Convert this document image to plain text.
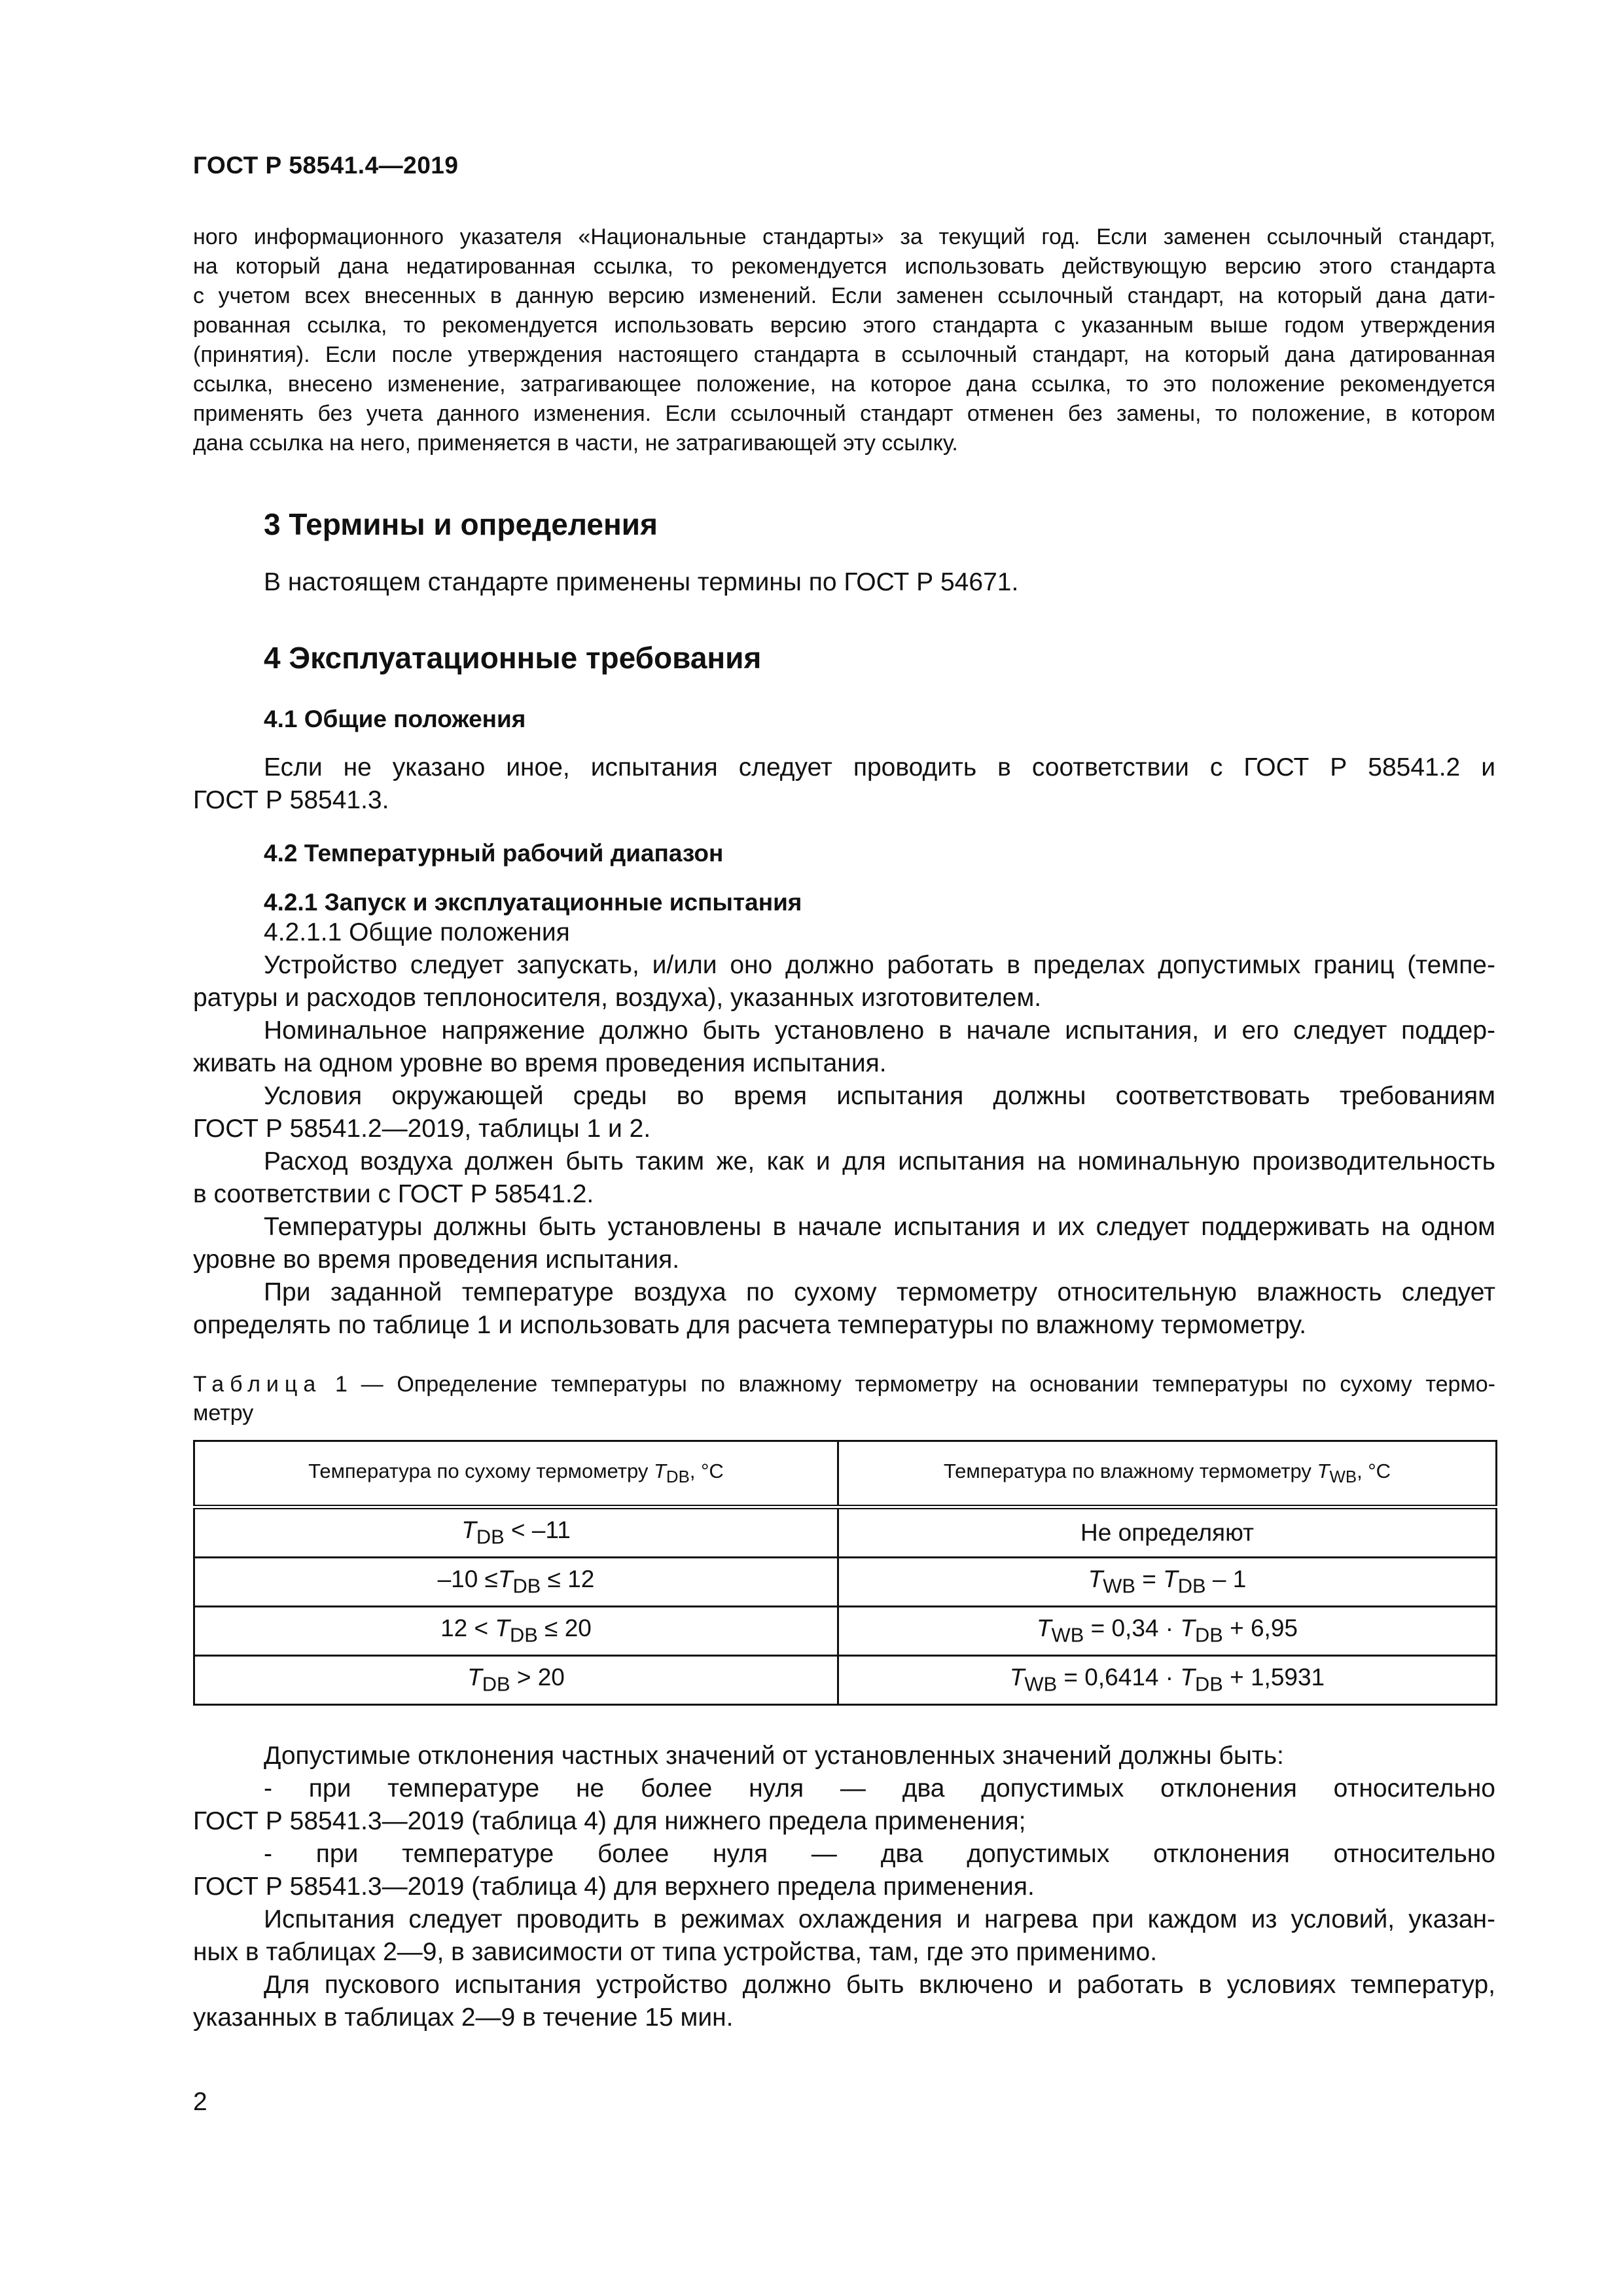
ГОСТ Р 58541.4—2019

ного информационного указателя «Национальные стандарты» за текущий год. Если заменен ссылочный стандарт,

на который дана недатированная ссылка, то рекомендуется использовать действующую версию этого стандарта

с учетом всех внесенных в данную версию изменений. Если заменен ссылочный стандарт, на который дана дати-

рованная ссылка, то рекомендуется использовать версию этого стандарта с указанным выше годом утверждения

(принятия). Если после утверждения настоящего стандарта в ссылочный стандарт, на который дана датированная

ссылка, внесено изменение, затрагивающее положение, на которое дана ссылка, то это положение рекомендуется

применять без учета данного изменения. Если ссылочный стандарт отменен без замены, то положение, в котором

дана ссылка на него, применяется в части, не затрагивающей эту ссылку.

3 Термины и определения

В настоящем стандарте применены термины по ГОСТ Р 54671.

4 Эксплуатационные требования
4.1 Общие положения

Если не указано иное, испытания следует проводить в соответствии с ГОСТ Р 58541.2 и

ГОСТ Р 58541.3.

4.2 Температурный рабочий диапазон
4.2.1 Запуск и эксплуатационные испытания

4.2.1.1 Общие положения

Устройство следует запускать, и/или оно должно работать в пределах допустимых границ (темпе-

ратуры и расходов теплоносителя, воздуха), указанных изготовителем.

Номинальное напряжение должно быть установлено в начале испытания, и его следует поддер-

живать на одном уровне во время проведения испытания.

Условия окружающей среды во время испытания должны соответствовать требованиям

ГОСТ Р 58541.2—2019, таблицы 1 и 2.

Расход воздуха должен быть таким же, как и для испытания на номинальную производительность

в соответствии с ГОСТ Р 58541.2.

Температуры должны быть установлены в начале испытания и их следует поддерживать на одном

уровне во время проведения испытания.

При заданной температуре воздуха по сухому термометру относительную влажность следует

определять по таблице 1 и использовать для расчета температуры по влажному термометру.

Таблица 1 — Определение температуры по влажному термометру на основании температуры по сухому термо-
метру
Температура по сухому термометру $T_{DB}$, °C	Температура по влажному термометру $T_{WB}$, °C
$T_{DB} < -11$	Не определяют
$-10 \le T_{DB} \le 12$	$T_{WB} = T_{DB} - 1$
$12 < T_{DB} \le 20$	$T_{WB} = 0,34 \cdot T_{DB} + 6,95$
$T_{DB} > 20$	$T_{WB} = 0,6414 \cdot T_{DB} + 1,5931$

Допустимые отклонения частных значений от установленных значений должны быть:

- при температуре не более нуля — два допустимых отклонения относительно

ГОСТ Р 58541.3—2019 (таблица 4) для нижнего предела применения;

- при температуре более нуля — два допустимых отклонения относительно

ГОСТ Р 58541.3—2019 (таблица 4) для верхнего предела применения.

Испытания следует проводить в режимах охлаждения и нагрева при каждом из условий, указан-

ных в таблицах 2—9, в зависимости от типа устройства, там, где это применимо.

Для пускового испытания устройство должно быть включено и работать в условиях температур,

указанных в таблицах 2—9 в течение 15 мин.

2
